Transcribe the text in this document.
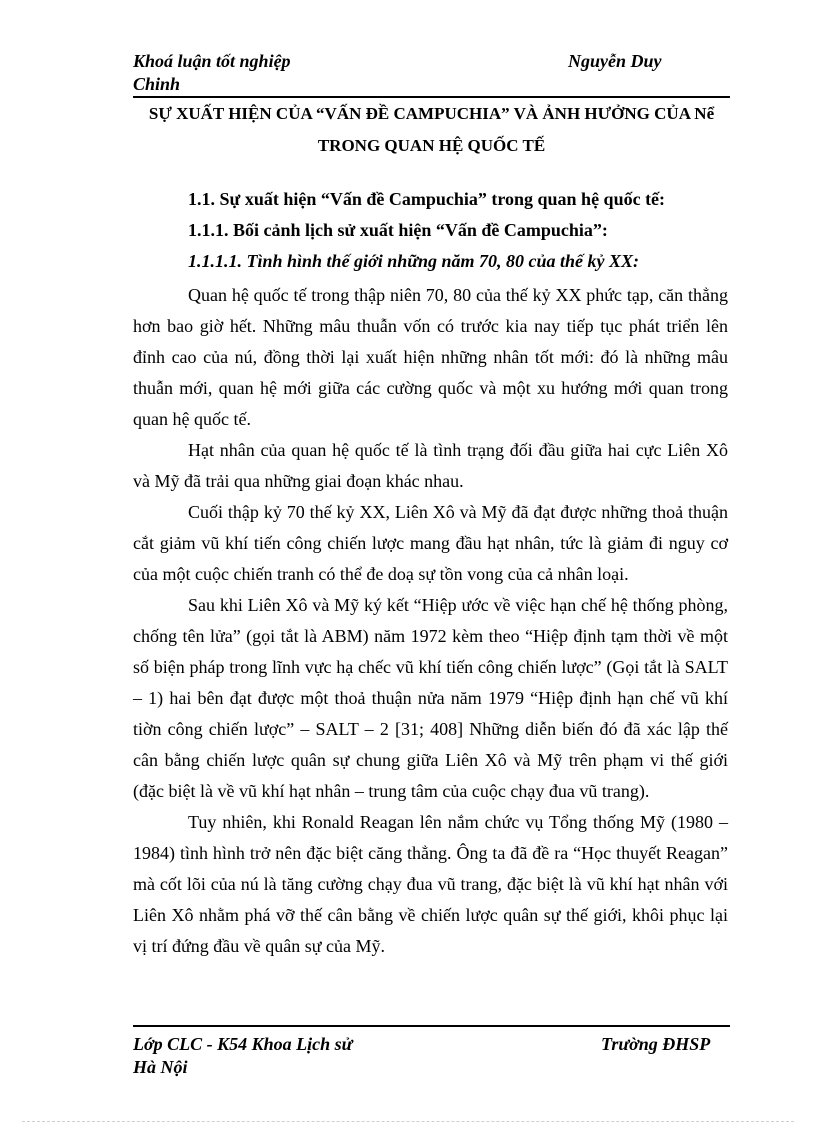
Khoá luận tốt nghiệp	Nguyễn Duy
Chinh
SỰ XUẤT HIỆN CỦA “VẤN ĐỀ CAMPUCHIA” VÀ ẢNH HƯỞNG CỦA Nể TRONG QUAN HỆ QUỐC TẾ
1.1. Sự xuất hiện “Vấn đề Campuchia” trong quan hệ quốc tế:
1.1.1. Bối cảnh lịch sử xuất hiện “Vấn đề Campuchia”:
1.1.1.1. Tình hình thế giới những năm 70, 80 của thế kỷ XX:

Quan hệ quốc tế trong thập niên 70, 80 của thế kỷ XX phức tạp, căn thẳng hơn bao giờ hết. Những mâu thuẫn vốn có trước kia nay tiếp tục phát triển lên đỉnh cao của nú, đồng thời lại xuất hiện những nhân tốt mới: đó là những mâu thuẫn mới, quan hệ mới giữa các cường quốc và một xu hướng mới quan trong quan hệ quốc tế.

Hạt nhân của quan hệ quốc tế là tình trạng đối đầu giữa hai cực Liên Xô và Mỹ đã trải qua những giai đoạn khác nhau.

Cuối thập kỷ 70 thế kỷ XX, Liên Xô và Mỹ đã đạt được những thoả thuận cắt giảm vũ khí tiến công chiến lược mang đầu hạt nhân, tức là giảm đi nguy cơ của một cuộc chiến tranh có thể đe doạ sự tồn vong của cả nhân loại.

Sau khi Liên Xô và Mỹ ký kết “Hiệp ước về việc hạn chế hệ thống phòng, chống tên lửa” (gọi tắt là ABM) năm 1972 kèm theo “Hiệp định tạm thời về một số biện pháp trong lĩnh vực hạ chếc vũ khí tiến công chiến lược” (Gọi tắt là SALT – 1) hai bên đạt được một thoả thuận nửa năm 1979 “Hiệp định hạn chế vũ khí tiờn công chiến lược” – SALT – 2 [31; 408] Những diễn biến đó đã xác lập thế cân bằng chiến lược quân sự chung giữa Liên Xô và Mỹ trên phạm vi thế giới (đặc biệt là về vũ khí hạt nhân – trung tâm của cuộc chạy đua vũ trang).

Tuy nhiên, khi Ronald Reagan lên nắm chức vụ Tổng thống Mỹ (1980 – 1984) tình hình trở nên đặc biệt căng thẳng. Ông ta đã đề ra “Học thuyết Reagan” mà cốt lõi của nú là tăng cường chạy đua vũ trang, đặc biệt là vũ khí hạt nhân với Liên Xô nhằm phá vỡ thế cân bằng về chiến lược quân sự thế giới, khôi phục lại vị trí đứng đầu về quân sự của Mỹ.

Lớp CLC - K54 Khoa Lịch sử	Trường ĐHSP
Hà Nội
